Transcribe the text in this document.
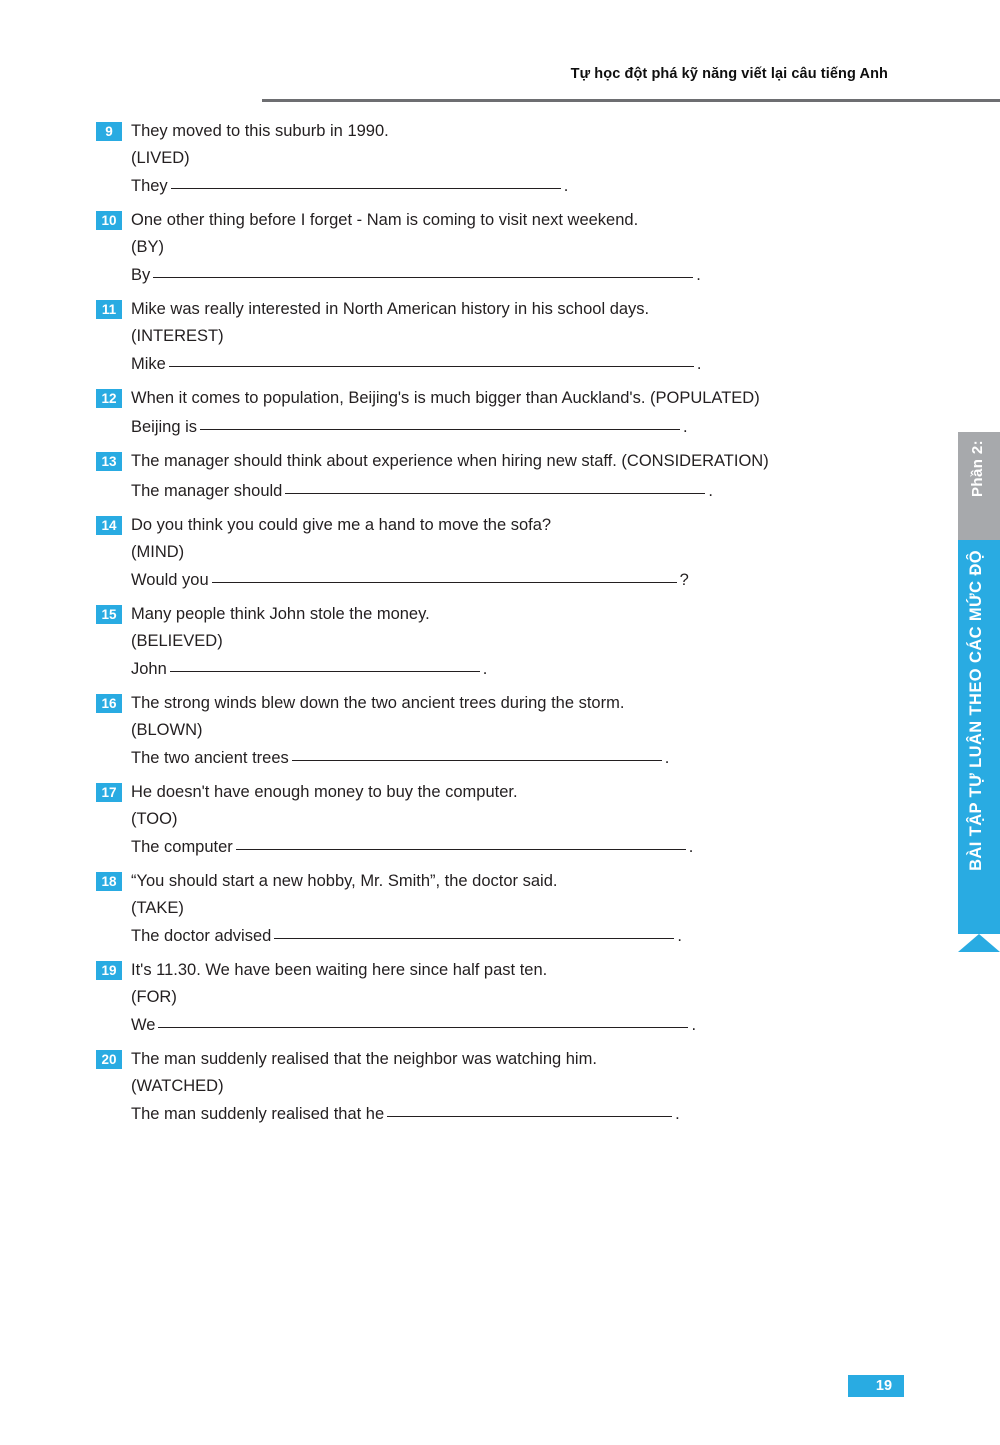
Tự học đột phá kỹ năng viết lại câu tiếng Anh
9	They moved to this suburb in 1990.
(LIVED)
They	.
10 One other thing before I forget - Nam is coming to visit next weekend.
(BY)
By	.
11 Mike was really interested in North American history in his school days.
(INTEREST)
Mike	.
12 When it comes to population, Beijing's is much bigger than Auckland's. (POPULATED)
Beijing is	.
13 The manager should think about experience when hiring new staff. (CONSIDERATION)
The manager should	.
14 Do you think you could give me a hand to move the sofa?
(MIND)
Would you	?
15 Many people think John stole the money.
(BELIEVED)
John	.
16 The strong winds blew down the two ancient trees during the storm.
(BLOWN)
The two ancient trees	.
17 He doesn't have enough money to buy the computer.
(TOO)
The computer	.
18 “You should start a new hobby, Mr. Smith”, the doctor said.
(TAKE)
The doctor advised	.
19 It's 11.30. We have been waiting here since half past ten.
(FOR)
We	.
20 The man suddenly realised that the neighbor was watching him.
(WATCHED)
The man suddenly realised that he	.
Phần 2:
BÀI TẬP TỰ LUẬN THEO CÁC MỨC ĐỘ
19
